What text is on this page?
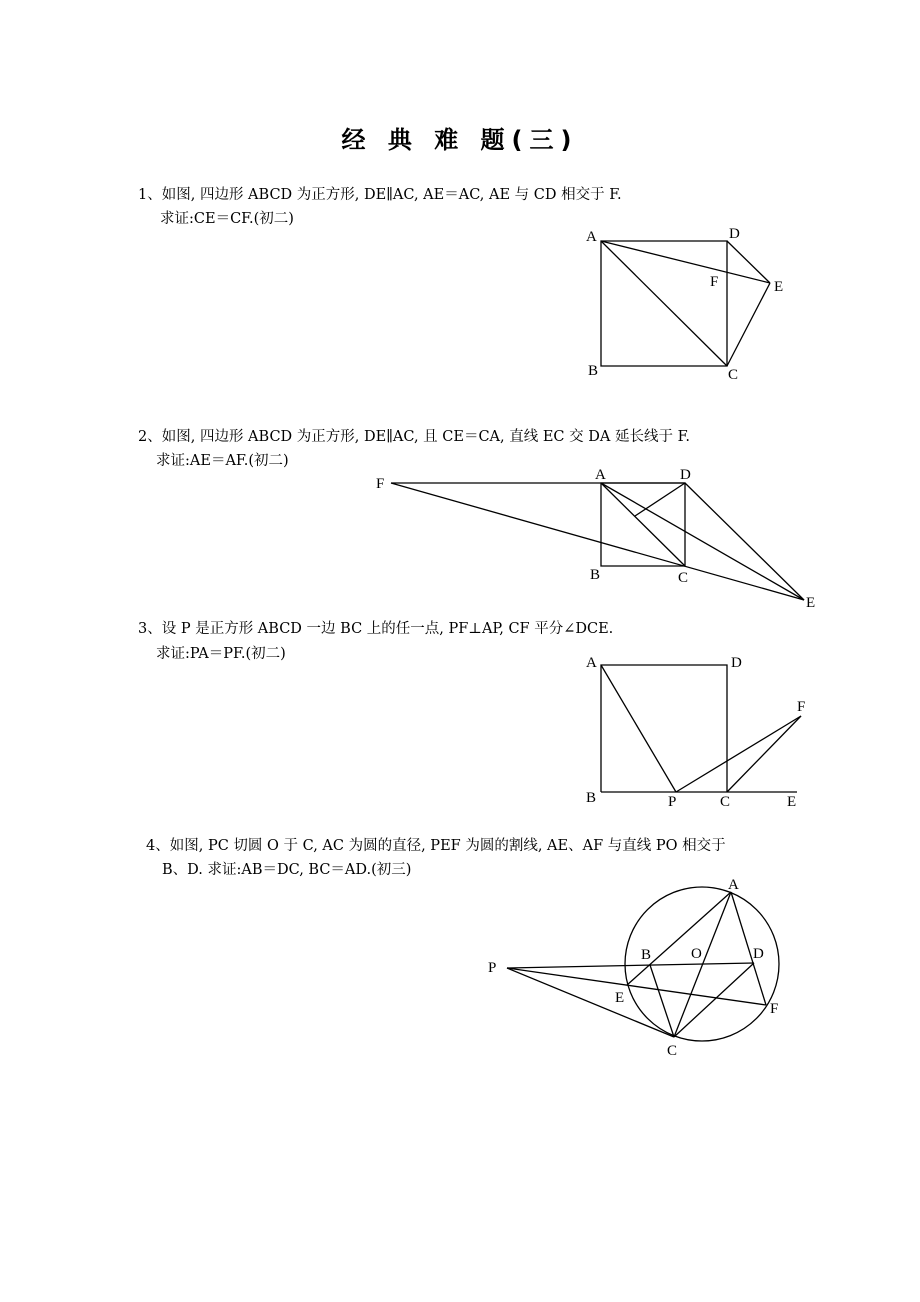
经 典 难 题(三)
1、如图, 四边形 ABCD 为正方形, DE∥AC, AE＝AC, AE 与 CD 相交于 F.
求证:CE＝CF.(初二)
A	D
F	E
B	C
2、如图, 四边形 ABCD 为正方形, DE∥AC, 且 CE＝CA, 直线 EC 交 DA 延长线于 F.
求证:AE＝AF.(初二)
F
A	D
B	C
E
3、设 P 是正方形 ABCD 一边 BC 上的任一点, PF⊥AP, CF 平分∠DCE.
求证:PA＝PF.(初二)
A	D
F
B	P	C	E
4、如图, PC 切圆 O 于 C, AC 为圆的直径, PEF 为圆的割线, AE、AF 与直线 PO 相交于
B、D. 求证:AB＝DC, BC＝AD.(初三)
A
B	O	D
P
E
F
C
